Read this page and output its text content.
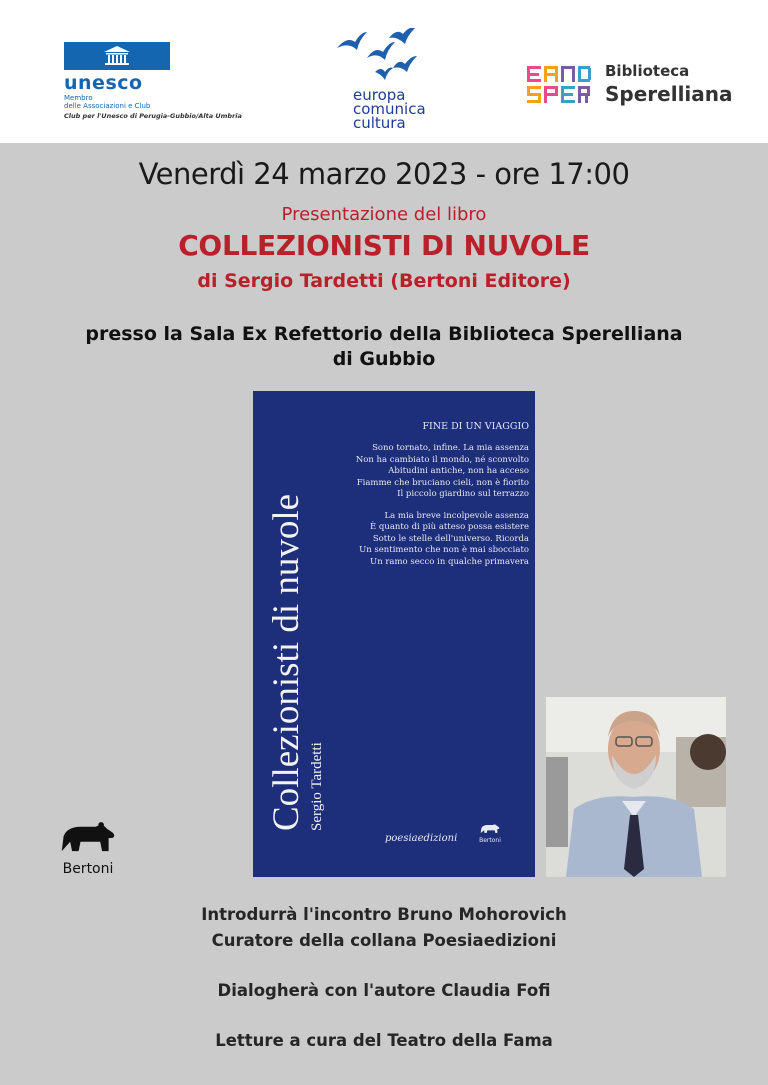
unesco
Membro
delle Associazioni e Club
Club per l'Unesco di Perugia-Gubbio/Alta Umbria
europa
comunica
cultura
Biblioteca
Sperelliana
Venerdì 24 marzo 2023 - ore 17:00
Presentazione del libro
COLLEZIONISTI DI NUVOLE
di Sergio Tardetti (Bertoni Editore)
presso la Sala Ex Refettorio della Biblioteca Sperelliana
di Gubbio
FINE DI UN VIAGGIO
Sono tornato, infine. La mia assenza
Non ha cambiato il mondo, né sconvolto
Abitudini antiche, non ha acceso
Fiamme che bruciano cieli, non è fiorito
Il piccolo giardino sul terrazzo
La mia breve incolpevole assenza
È quanto di più atteso possa esistere
Sotto le stelle dell'universo. Ricorda
Un sentimento che non è mai sbocciato
Un ramo secco in qualche primavera
Collezionisti di nuvole Sergio Tardetti
poesiaedizioni	Bertoni
Bertoni
Introdurrà l'incontro Bruno Mohorovich
Curatore della collana Poesiaedizioni
Dialogherà con l'autore Claudia Fofi
Letture a cura del Teatro della Fama
